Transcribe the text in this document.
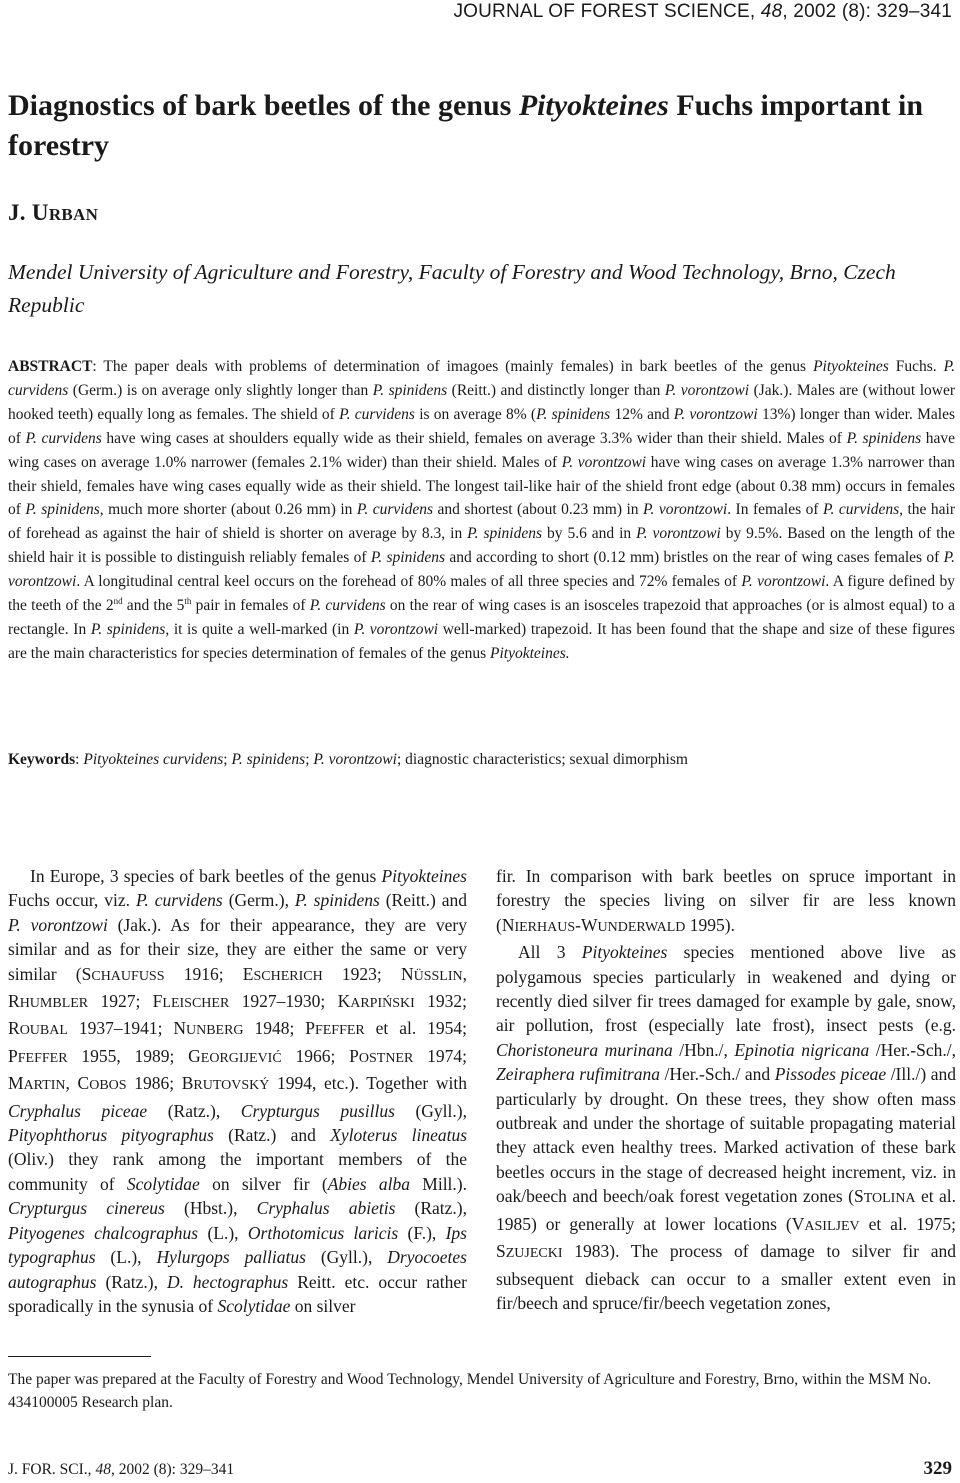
JOURNAL OF FOREST SCIENCE, 48, 2002 (8): 329–341
Diagnostics of bark beetles of the genus Pityokteines Fuchs important in forestry
J. URBAN
Mendel University of Agriculture and Forestry, Faculty of Forestry and Wood Technology, Brno, Czech Republic
ABSTRACT: The paper deals with problems of determination of imagoes (mainly females) in bark beetles of the genus Pityokteines Fuchs. P. curvidens (Germ.) is on average only slightly longer than P. spinidens (Reitt.) and distinctly longer than P. vorontzowi (Jak.). Males are (without lower hooked teeth) equally long as females. The shield of P. curvidens is on average 8% (P. spinidens 12% and P. vorontzowi 13%) longer than wider. Males of P. curvidens have wing cases at shoulders equally wide as their shield, females on average 3.3% wider than their shield. Males of P. spinidens have wing cases on average 1.0% narrower (females 2.1% wider) than their shield. Males of P. vorontzowi have wing cases on average 1.3% narrower than their shield, females have wing cases equally wide as their shield. The longest tail-like hair of the shield front edge (about 0.38 mm) occurs in females of P. spinidens, much more shorter (about 0.26 mm) in P. curvidens and shortest (about 0.23 mm) in P. vorontzowi. In females of P. curvidens, the hair of forehead as against the hair of shield is shorter on average by 8.3, in P. spinidens by 5.6 and in P. vorontzowi by 9.5%. Based on the length of the shield hair it is possible to distinguish reliably females of P. spinidens and according to short (0.12 mm) bristles on the rear of wing cases females of P. vorontzowi. A longitudinal central keel occurs on the forehead of 80% males of all three species and 72% females of P. vorontzowi. A figure defined by the teeth of the 2nd and the 5th pair in females of P. curvidens on the rear of wing cases is an isosceles trapezoid that approaches (or is almost equal) to a rectangle. In P. spinidens, it is quite a well-marked (in P. vorontzowi well-marked) trapezoid. It has been found that the shape and size of these figures are the main characteristics for species determination of females of the genus Pityokteines.
Keywords: Pityokteines curvidens; P. spinidens; P. vorontzowi; diagnostic characteristics; sexual dimorphism

In Europe, 3 species of bark beetles of the genus Pityokteines Fuchs occur, viz. P. curvidens (Germ.), P. spinidens (Reitt.) and P. vorontzowi (Jak.). As for their appearance, they are very similar and as for their size, they are either the same or very similar (SCHAUFUSS 1916; ESCHERICH 1923; NÜSSLIN, RHUMBLER 1927; FLEISCHER 1927–1930; KARPIŃSKI 1932; ROUBAL 1937–1941; NUNBERG 1948; PFEFFER et al. 1954; PFEFFER 1955, 1989; GEORGIJEVIĆ 1966; POSTNER 1974; MARTIN, COBOS 1986; BRUTOVSKÝ 1994, etc.). Together with Cryphalus piceae (Ratz.), Crypturgus pusillus (Gyll.), Pityophthorus pityographus (Ratz.) and Xyloterus lineatus (Oliv.) they rank among the important members of the community of Scolytidae on silver fir (Abies alba Mill.). Crypturgus cinereus (Hbst.), Cryphalus abietis (Ratz.), Pityogenes chalcographus (L.), Orthotomicus laricis (F.), Ips typographus (L.), Hylurgops palliatus (Gyll.), Dryocoetes autographus (Ratz.), D. hectographus Reitt. etc. occur rather sporadically in the synusia of Scolytidae on silver

fir. In comparison with bark beetles on spruce important in forestry the species living on silver fir are less known (NIERHAUS-WUNDERWALD 1995).

All 3 Pityokteines species mentioned above live as polygamous species particularly in weakened and dying or recently died silver fir trees damaged for example by gale, snow, air pollution, frost (especially late frost), insect pests (e.g. Choristoneura murinana /Hbn./, Epinotia nigricana /Her.-Sch./, Zeiraphera rufimitrana /Her.-Sch./ and Pissodes piceae /Ill./) and particularly by drought. On these trees, they show often mass outbreak and under the shortage of suitable propagating material they attack even healthy trees. Marked activation of these bark beetles occurs in the stage of decreased height increment, viz. in oak/beech and beech/oak forest vegetation zones (STOLINA et al. 1985) or generally at lower locations (VASILJEV et al. 1975; SZUJECKI 1983). The process of damage to silver fir and subsequent dieback can occur to a smaller extent even in fir/beech and spruce/fir/beech vegetation zones,

The paper was prepared at the Faculty of Forestry and Wood Technology, Mendel University of Agriculture and Forestry, Brno, within the MSM No. 434100005 Research plan.
J. FOR. SCI., 48, 2002 (8): 329–341	329
